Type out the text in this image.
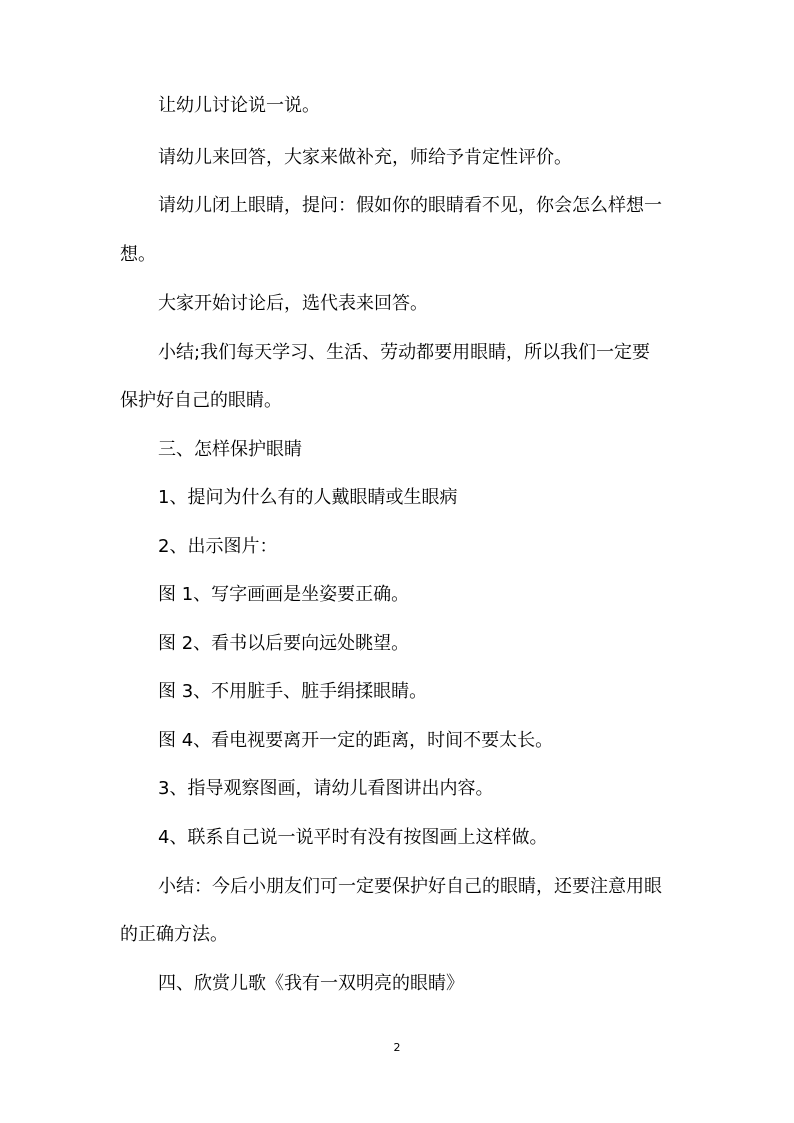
让幼儿讨论说一说。
请幼儿来回答，大家来做补充，师给予肯定性评价。
请幼儿闭上眼睛，提问：假如你的眼睛看不见，你会怎么样想一
想。
大家开始讨论后，选代表来回答。
小结;我们每天学习、生活、劳动都要用眼睛，所以我们一定要
保护好自己的眼睛。
三、怎样保护眼睛
1、提问为什么有的人戴眼睛或生眼病
2、出示图片：
图 1、写字画画是坐姿要正确。
图 2、看书以后要向远处眺望。
图 3、不用脏手、脏手绢揉眼睛。
图 4、看电视要离开一定的距离，时间不要太长。
3、指导观察图画，请幼儿看图讲出内容。
4、联系自己说一说平时有没有按图画上这样做。
小结：今后小朋友们可一定要保护好自己的眼睛，还要注意用眼
的正确方法。
四、欣赏儿歌《我有一双明亮的眼睛》
2
